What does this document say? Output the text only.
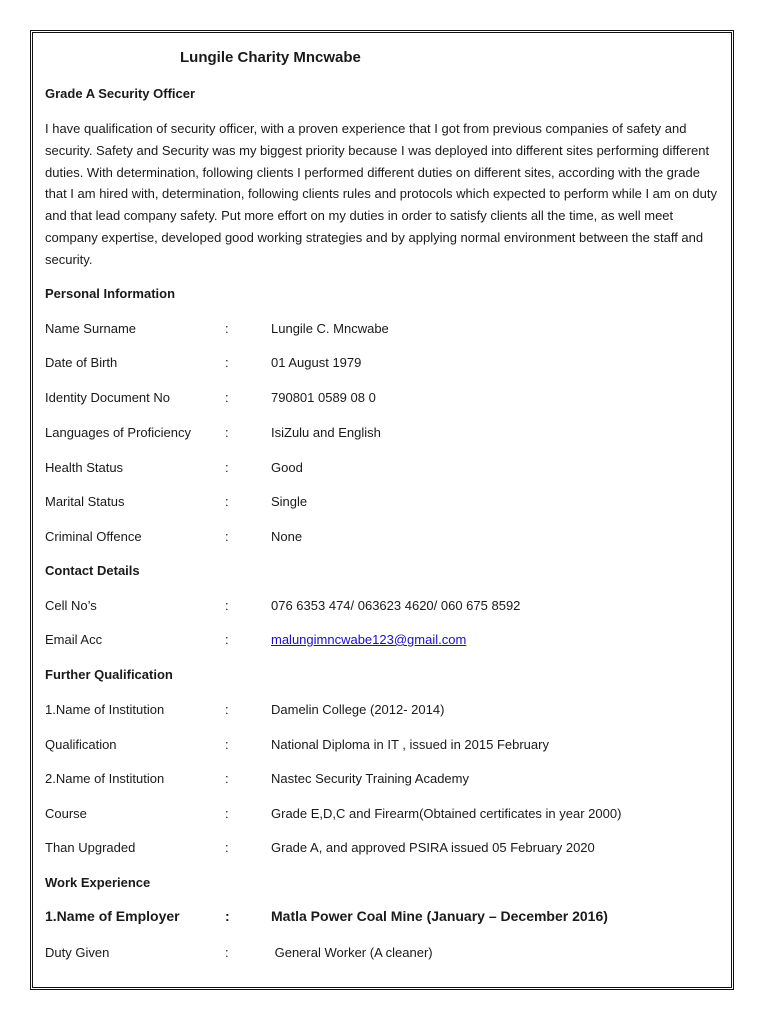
Lungile Charity Mncwabe
Grade A Security Officer
I have qualification of security officer, with a proven experience that I got from previous companies of safety and security. Safety and Security was my biggest priority because I was deployed into different sites performing different duties. With determination, following clients I performed different duties on different sites, according with the grade that I am hired with, determination, following clients rules and protocols which expected to perform while I am on duty and that lead company safety. Put more effort on my duties in order to satisfy clients all the time, as well meet company expertise, developed good working strategies and by applying normal environment between the staff and security.
Personal Information
Name Surname	:	Lungile C. Mncwabe
Date of Birth	:	01 August 1979
Identity Document No	:	790801 0589 08 0
Languages of Proficiency	:	IsiZulu and English
Health Status	:	Good
Marital Status	:	Single
Criminal Offence	:	None
Contact Details
Cell No’s	:	076 6353 474/ 063623 4620/ 060 675 8592
Email Acc	:	malungimncwabe123@gmail.com
Further Qualification
1.Name of Institution	:	Damelin College (2012- 2014)
Qualification	:	National Diploma in IT , issued in 2015 February
2.Name of Institution	:	Nastec Security Training Academy
Course	:	Grade E,D,C and Firearm(Obtained certificates in year 2000)
Than Upgraded	:	Grade A, and approved PSIRA issued 05 February 2020
Work Experience
1.Name of Employer	:	Matla Power Coal Mine (January – December 2016)
Duty Given	:	General Worker (A cleaner)
